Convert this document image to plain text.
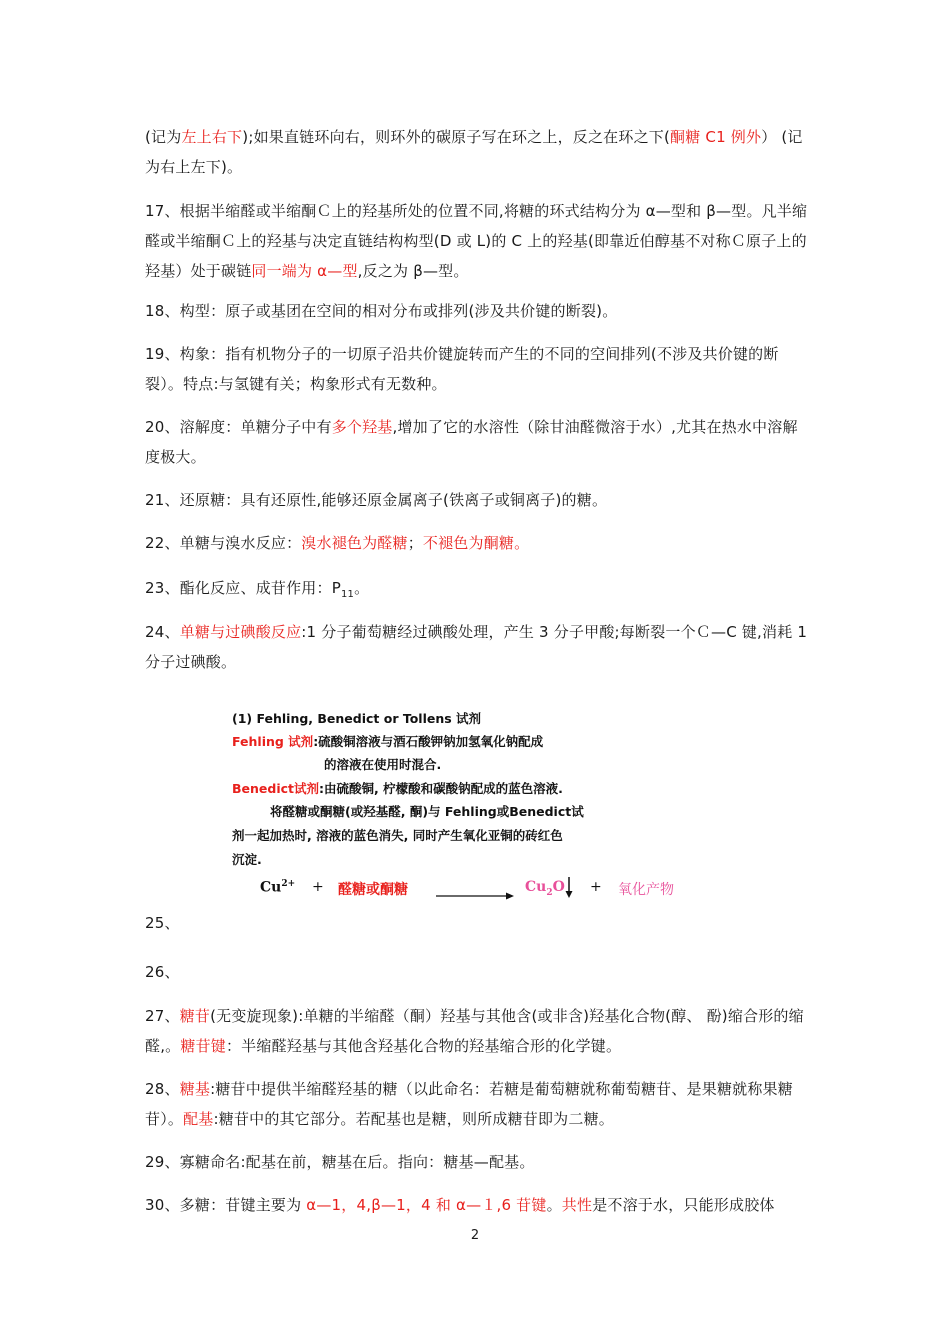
(记为左上右下);如果直链环向右，则环外的碳原子写在环之上，反之在环之下(酮糖 C1 例外） (记为右上左下)。

17、根据半缩醛或半缩酮Ｃ上的羟基所处的位置不同,将糖的环式结构分为 α—型和 β—型。凡半缩醛或半缩酮Ｃ上的羟基与决定直链结构构型(D 或 L)的 C 上的羟基(即靠近伯醇基不对称Ｃ原子上的羟基）处于碳链同一端为 α—型,反之为 β—型。

18、构型：原子或基团在空间的相对分布或排列(涉及共价键的断裂)。

19、构象：指有机物分子的一切原子沿共价键旋转而产生的不同的空间排列(不涉及共价键的断裂）。特点:与氢键有关；构象形式有无数种。

20、溶解度：单糖分子中有多个羟基,增加了它的水溶性（除甘油醛微溶于水）,尤其在热水中溶解度极大。

21、还原糖：具有还原性,能够还原金属离子(铁离子或铜离子)的糖。

22、单糖与溴水反应：溴水褪色为醛糖；不褪色为酮糖。

23、酯化反应、成苷作用：$P_{11}$。

24、单糖与过碘酸反应:1 分子葡萄糖经过碘酸处理，产生 3 分子甲酸;每断裂一个Ｃ—C 键,消耗 1 分子过碘酸。

(1) Fehling, Benedict or Tollens 试剂
Fehling 试剂:硫酸铜溶液与酒石酸钾钠加氢氧化钠配成
的溶液在使用时混合.
Benedict试剂:由硫酸铜, 柠檬酸和碳酸钠配成的蓝色溶液.
将醛糖或酮糖(或羟基醛, 酮)与 Fehling或Benedict试
剂一起加热时, 溶液的蓝色消失, 同时产生氧化亚铜的砖红色
沉淀.
$Cu^{2+}$ + 醛糖或酮糖	$Cu_2O$ + 氧化产物

25、

26、

27、糖苷(无变旋现象):单糖的半缩醛（酮）羟基与其他含(或非含)羟基化合物(醇、 酚)缩合形的缩醛,。糖苷键：半缩醛羟基与其他含羟基化合物的羟基缩合形的化学键。

28、糖基:糖苷中提供半缩醛羟基的糖（以此命名：若糖是葡萄糖就称葡萄糖苷、是果糖就称果糖苷）。配基:糖苷中的其它部分。若配基也是糖，则所成糖苷即为二糖。

29、寡糖命名:配基在前，糖基在后。指向：糖基—配基。

30、多糖：苷键主要为 α—1，4,β—1，4 和 α—１,6 苷键。共性是不溶于水，只能形成胶体

2
